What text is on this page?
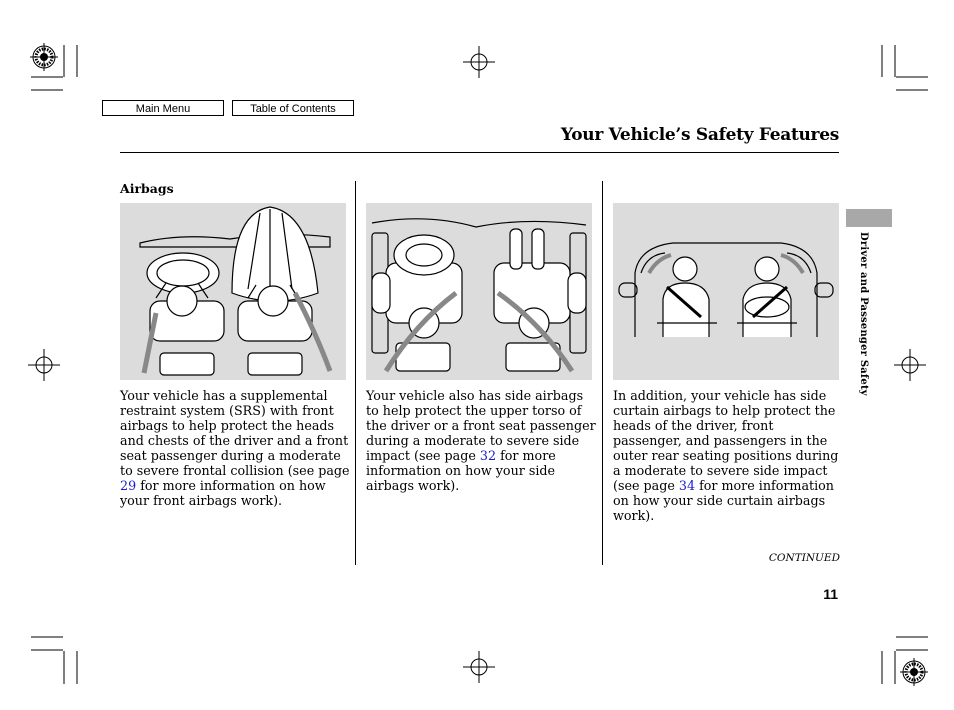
Main Menu	Table of Contents
Your Vehicle’s Safety Features
Airbags
Your vehicle has a supplemental restraint system (SRS) with front airbags to help protect the heads and chests of the driver and a front seat passenger during a moderate to severe frontal collision (see page 29 for more information on how your front airbags work).
Your vehicle also has side airbags to help protect the upper torso of the driver or a front seat passenger during a moderate to severe side impact (see page 32 for more information on how your side airbags work).
In addition, your vehicle has side curtain airbags to help protect the heads of the driver, front passenger, and passengers in the outer rear seating positions during a moderate to severe side impact (see page 34 for more information on how your side curtain airbags work).
CONTINUED
11
Driver and Passenger Safety
